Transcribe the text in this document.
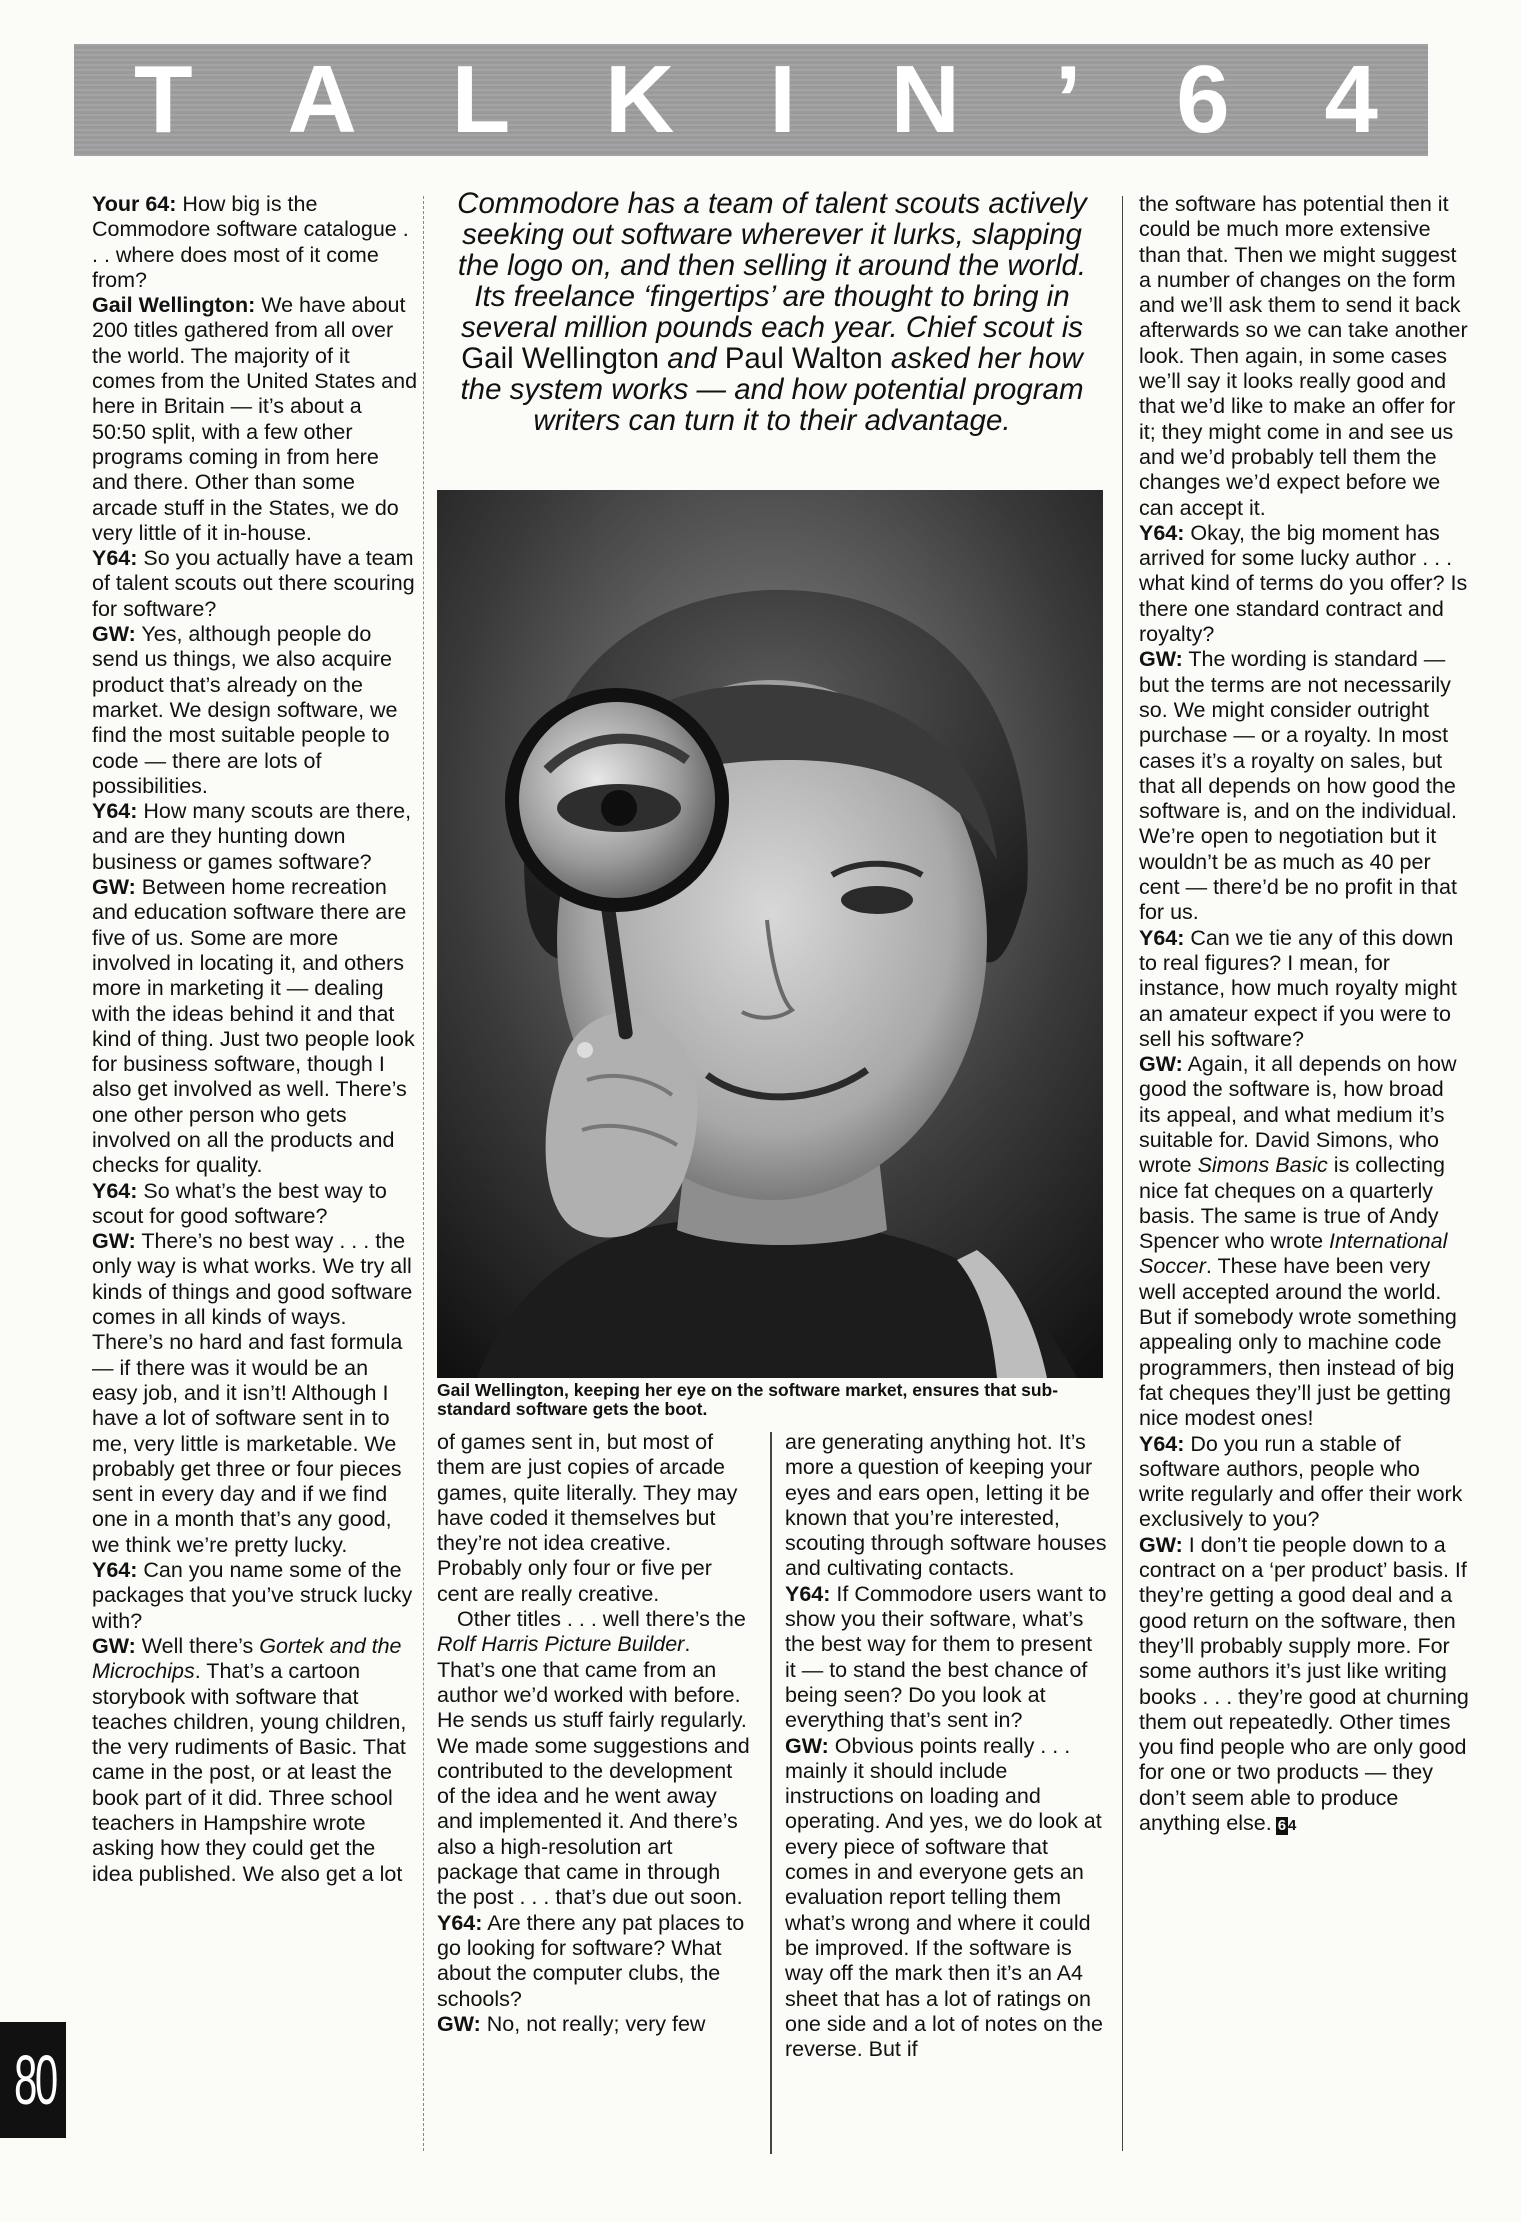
T A L K I N ’ 6 4

Your 64: How big is the Commodore software catalogue . . . where does most of it come from?

Gail Wellington: We have about 200 titles gathered from all over the world. The majority of it comes from the United States and here in Britain — it’s about a 50:50 split, with a few other programs coming in from here and there. Other than some arcade stuff in the States, we do very little of it in-house.

Y64: So you actually have a team of talent scouts out there scouring for software?

GW: Yes, although people do send us things, we also acquire product that’s already on the market. We design software, we find the most suitable people to code — there are lots of possibilities.

Y64: How many scouts are there, and are they hunting down business or games software?

GW: Between home recreation and education software there are five of us. Some are more involved in locating it, and others more in marketing it — dealing with the ideas behind it and that kind of thing. Just two people look for business software, though I also get involved as well. There’s one other person who gets involved on all the products and checks for quality.

Y64: So what’s the best way to scout for good software?

GW: There’s no best way . . . the only way is what works. We try all kinds of things and good software comes in all kinds of ways. There’s no hard and fast formula — if there was it would be an easy job, and it isn’t! Although I have a lot of software sent in to me, very little is marketable. We probably get three or four pieces sent in every day and if we find one in a month that’s any good, we think we’re pretty lucky.

Y64: Can you name some of the packages that you’ve struck lucky with?

GW: Well there’s Gortek and the Microchips. That’s a cartoon storybook with software that teaches children, young children, the very rudiments of Basic. That came in the post, or at least the book part of it did. Three school teachers in Hampshire wrote asking how they could get the idea published. We also get a lot

Commodore has a team of talent scouts actively seeking out software wherever it lurks, slapping the logo on, and then selling it around the world. Its freelance ‘fingertips’ are thought to bring in several million pounds each year. Chief scout is Gail Wellington and Paul Walton asked her how the system works — and how potential program writers can turn it to their advantage.
Gail Wellington, keeping her eye on the software market, ensures that sub-standard software gets the boot.

of games sent in, but most of them are just copies of arcade games, quite literally. They may have coded it themselves but they’re not idea creative. Probably only four or five per cent are really creative.

Other titles . . . well there’s the Rolf Harris Picture Builder. That’s one that came from an author we’d worked with before. He sends us stuff fairly regularly. We made some suggestions and contributed to the development of the idea and he went away and implemented it. And there’s also a high-resolution art package that came in through the post . . . that’s due out soon.

Y64: Are there any pat places to go looking for software? What about the computer clubs, the schools?

GW: No, not really; very few

are generating anything hot. It’s more a question of keeping your eyes and ears open, letting it be known that you’re interested, scouting through software houses and cultivating contacts.

Y64: If Commodore users want to show you their software, what’s the best way for them to present it — to stand the best chance of being seen? Do you look at everything that’s sent in?

GW: Obvious points really . . . mainly it should include instructions on loading and operating. And yes, we do look at every piece of software that comes in and everyone gets an evaluation report telling them what’s wrong and where it could be improved. If the software is way off the mark then it’s an A4 sheet that has a lot of ratings on one side and a lot of notes on the reverse. But if

the software has potential then it could be much more extensive than that. Then we might suggest a number of changes on the form and we’ll ask them to send it back afterwards so we can take another look. Then again, in some cases we’ll say it looks really good and that we’d like to make an offer for it; they might come in and see us and we’d probably tell them the changes we’d expect before we can accept it.

Y64: Okay, the big moment has arrived for some lucky author . . . what kind of terms do you offer? Is there one standard contract and royalty?

GW: The wording is standard — but the terms are not necessarily so. We might consider outright purchase — or a royalty. In most cases it’s a royalty on sales, but that all depends on how good the software is, and on the individual. We’re open to negotiation but it wouldn’t be as much as 40 per cent — there’d be no profit in that for us.

Y64: Can we tie any of this down to real figures? I mean, for instance, how much royalty might an amateur expect if you were to sell his software?

GW: Again, it all depends on how good the software is, how broad its appeal, and what medium it’s suitable for. David Simons, who wrote Simons Basic is collecting nice fat cheques on a quarterly basis. The same is true of Andy Spencer who wrote International Soccer. These have been very well accepted around the world. But if somebody wrote something appealing only to machine code programmers, then instead of big fat cheques they’ll just be getting nice modest ones!

Y64: Do you run a stable of software authors, people who write regularly and offer their work exclusively to you?

GW: I don’t tie people down to a contract on a ‘per product’ basis. If they’re getting a good deal and a good return on the software, then they’ll probably supply more. For some authors it’s just like writing books . . . they’re good at churning them out repeatedly. Other times you find people who are only good for one or two products — they don’t seem able to produce anything else. 6 4

80
